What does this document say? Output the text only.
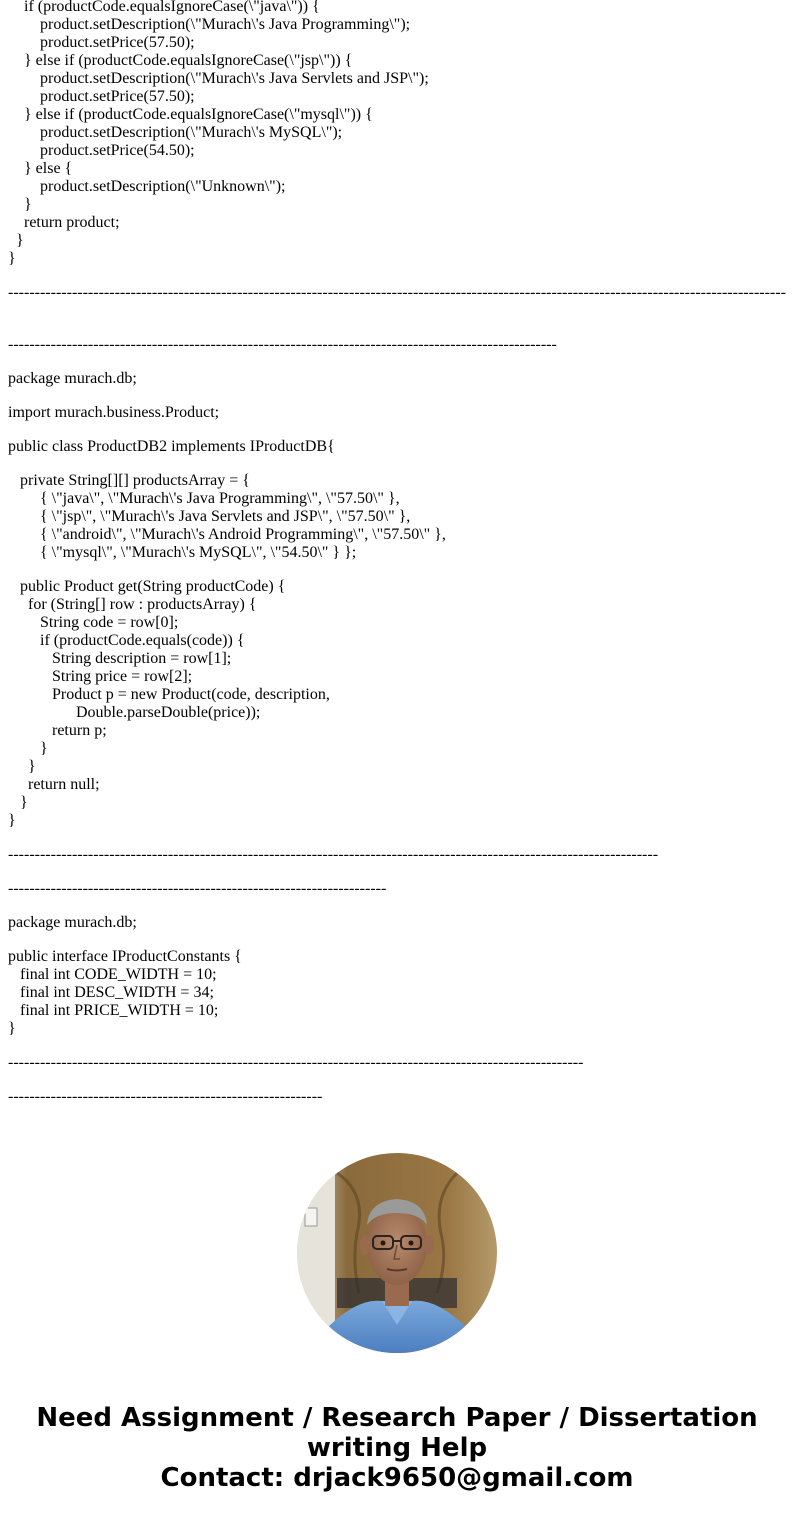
if (productCode.equalsIgnoreCase(\"java\")) {
product.setDescription(\"Murach\'s Java Programming\");
product.setPrice(57.50);
} else if (productCode.equalsIgnoreCase(\"jsp\")) {
product.setDescription(\"Murach\'s Java Servlets and JSP\");
product.setPrice(57.50);
} else if (productCode.equalsIgnoreCase(\"mysql\")) {
product.setDescription(\"Murach\'s MySQL\");
product.setPrice(54.50);
} else {
product.setDescription(\"Unknown\");
}
return product;
}
}
--------------------------------------------------------------------------------------------------------------------------------------------------
-------------------------------------------------------------------------------------------------------
package murach.db;
import murach.business.Product;
public class ProductDB2 implements IProductDB{
private String[][] productsArray = {
{ \"java\", \"Murach\'s Java Programming\", \"57.50\" },
{ \"jsp\", \"Murach\'s Java Servlets and JSP\", \"57.50\" },
{ \"android\", \"Murach\'s Android Programming\", \"57.50\" },
{ \"mysql\", \"Murach\'s MySQL\", \"54.50\" } };
public Product get(String productCode) {
for (String[] row : productsArray) {
String code = row[0];
if (productCode.equals(code)) {
String description = row[1];
String price = row[2];
Product p = new Product(code, description,
Double.parseDouble(price));
return p;
}
}
return null;
}
}
--------------------------------------------------------------------------------------------------------------------------
-----------------------------------------------------------------------
package murach.db;
public interface IProductConstants {
final int CODE_WIDTH = 10;
final int DESC_WIDTH = 34;
final int PRICE_WIDTH = 10;
}
------------------------------------------------------------------------------------------------------------
-----------------------------------------------------------
Need Assignment / Research Paper / Dissertation
writing Help
Contact: drjack9650@gmail.com
